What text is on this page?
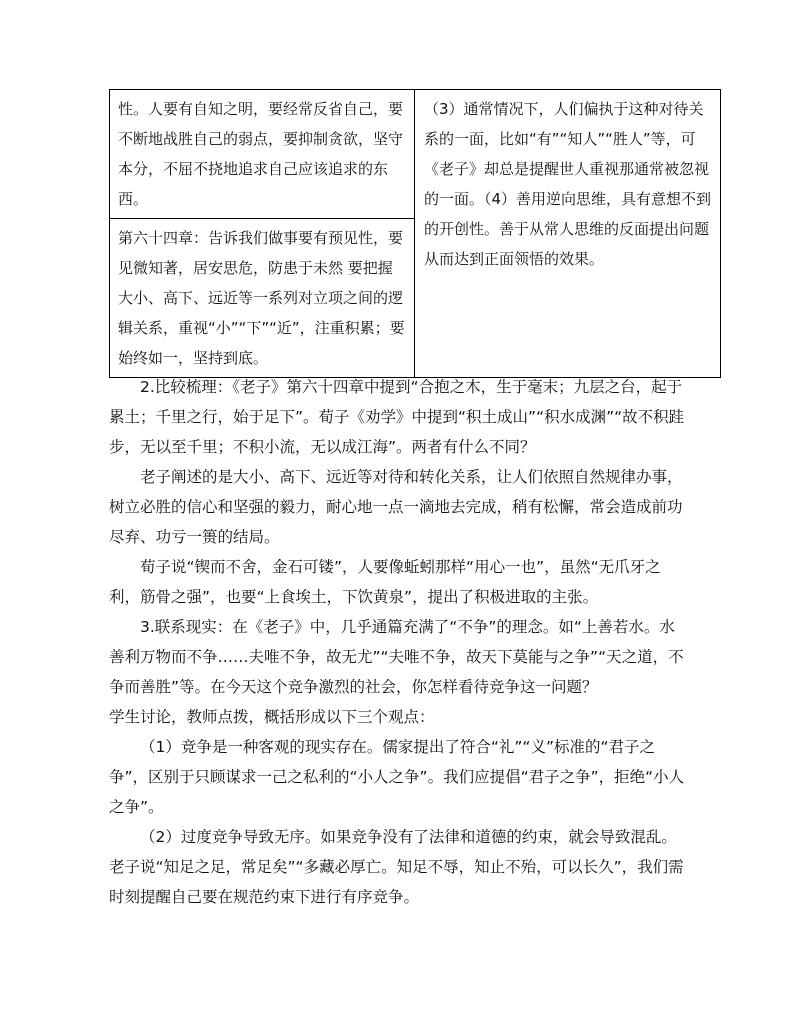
性。人要有自知之明，要经常反省自己，要不断地战胜自己的弱点，要抑制贪欲，坚守本分，不屈不挠地追求自己应该追求的东西。	（3）通常情况下，人们偏执于这种对待关系的一面，比如“有”“知人”“胜人”等，可《老子》却总是提醒世人重视那通常被忽视的一面。（4）善用逆向思维，具有意想不到的开创性。善于从常人思维的反面提出问题从而达到正面领悟的效果。
第六十四章：告诉我们做事要有预见性，要见微知著，居安思危，防患于未然 要把握大小、高下、远近等一系列对立项之间的逻辑关系，重视“小”“下”“近”，注重积累；要始终如一，坚持到底。

2.比较梳理：《老子》第六十四章中提到“合抱之木，生于毫末；九层之台，起于累土；千里之行，始于足下”。荀子《劝学》中提到“积土成山”“积水成渊”“故不积跬步，无以至千里；不积小流，无以成江海”。两者有什么不同？

老子阐述的是大小、高下、远近等对待和转化关系，让人们依照自然规律办事，树立必胜的信心和坚强的毅力，耐心地一点一滴地去完成，稍有松懈，常会造成前功尽弃、功亏一篑的结局。

荀子说“锲而不舍，金石可镂”，人要像蚯蚓那样“用心一也”，虽然“无爪牙之利，筋骨之强”，也要“上食埃土，下饮黄泉”，提出了积极进取的主张。

3.联系现实：在《老子》中，几乎通篇充满了“不争”的理念。如“上善若水。水善利万物而不争……夫唯不争，故无尤”“夫唯不争，故天下莫能与之争”“天之道，不争而善胜”等。在今天这个竞争激烈的社会，你怎样看待竞争这一问题？

学生讨论，教师点拨，概括形成以下三个观点：

（1）竞争是一种客观的现实存在。儒家提出了符合“礼”“义”标准的“君子之争”，区别于只顾谋求一己之私利的“小人之争”。我们应提倡“君子之争”，拒绝“小人之争”。

（2）过度竞争导致无序。如果竞争没有了法律和道德的约束，就会导致混乱。老子说“知足之足，常足矣”“多藏必厚亡。知足不辱，知止不殆，可以长久”，我们需时刻提醒自己要在规范约束下进行有序竞争。
